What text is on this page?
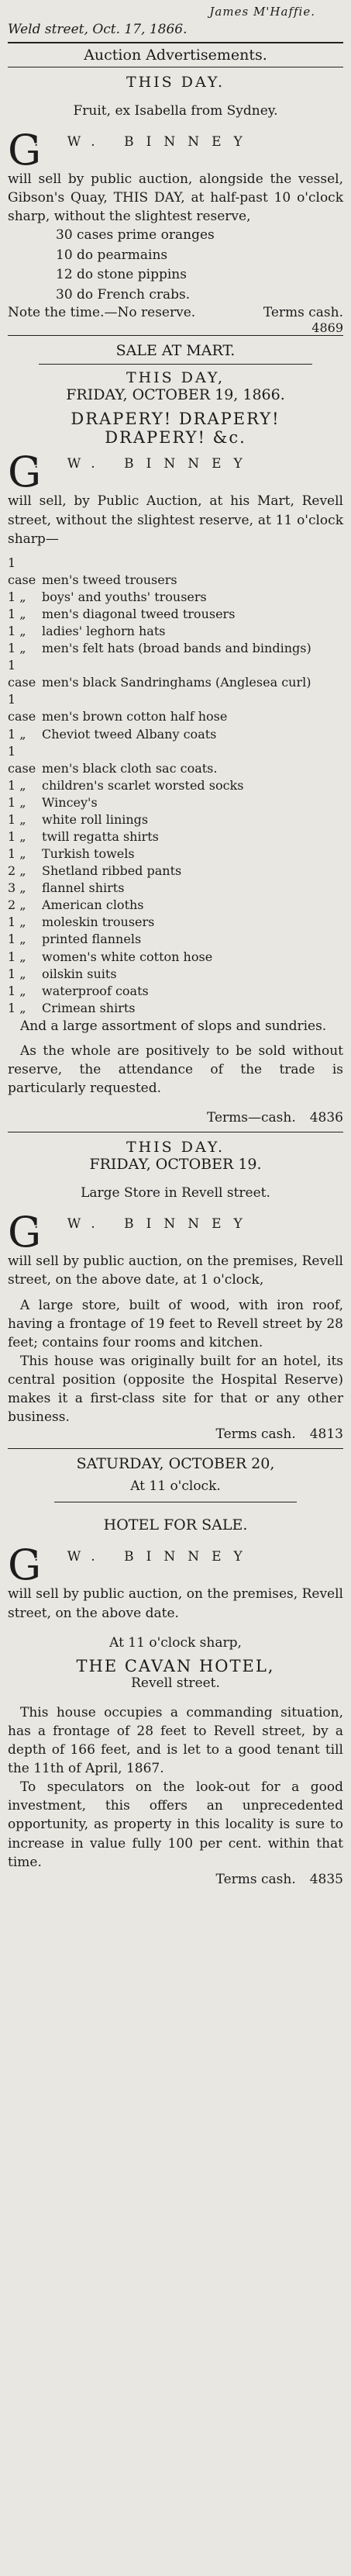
James M'Haffie.
Weld street, Oct. 17, 1866.
Auction Advertisements.
THIS DAY.
Fruit, ex Isabella from Sydney.
G
. W. BINNEY

will sell by public auction, alongside the vessel, Gibson's Quay, THIS DAY, at half-past 10 o'clock sharp, without the slightest reserve,

30 cases prime oranges

10 do pearmains

12 do stone pippins

30 do French crabs.

Note the time.—No reserve.	Terms cash.
4869
SALE AT MART.
THIS DAY,
FRIDAY, OCTOBER 19, 1866.
DRAPERY! DRAPERY!
DRAPERY! &c.
G
. W. BINNEY

will sell, by Public Auction, at his Mart, Revell street, without the slightest reserve, at 11 o'clock sharp—

1 case men's tweed trousers

1 „ boys' and youths' trousers

1 „ men's diagonal tweed trousers

1 „ ladies' leghorn hats

1 „ men's felt hats (broad bands and bindings)

1 case men's black Sandringhams (Anglesea curl)

1 case men's brown cotton half hose

1 „ Cheviot tweed Albany coats

1 case men's black cloth sac coats.

1 „ children's scarlet worsted socks

1 „ Wincey's

1 „ white roll linings

1 „ twill regatta shirts

1 „ Turkish towels

2 „ Shetland ribbed pants

3 „ flannel shirts

2 „ American cloths

1 „ moleskin trousers

1 „ printed flannels

1 „ women's white cotton hose

1 „ oilskin suits

1 „ waterproof coats

1 „ Crimean shirts

And a large assortment of slops and sundries.

As the whole are positively to be sold without reserve, the attendance of the trade is particularly requested.

Terms—cash.	4836
THIS DAY.
FRIDAY, OCTOBER 19.
Large Store in Revell street.
G
. W. BINNEY

will sell by public auction, on the premises, Revell street, on the above date, at 1 o'clock,

A large store, built of wood, with iron roof, having a frontage of 19 feet to Revell street by 28 feet; contains four rooms and kitchen.

This house was originally built for an hotel, its central position (opposite the Hospital Reserve) makes it a first-class site for that or any other business.

Terms cash.	4813
SATURDAY, OCTOBER 20,
At 11 o'clock.
HOTEL FOR SALE.
G
. W. BINNEY

will sell by public auction, on the premises, Revell street, on the above date.

At 11 o'clock sharp,
THE CAVAN HOTEL,
Revell street.

This house occupies a commanding situation, has a frontage of 28 feet to Revell street, by a depth of 166 feet, and is let to a good tenant till the 11th of April, 1867.

To speculators on the look-out for a good investment, this offers an unprecedented opportunity, as property in this locality is sure to increase in value fully 100 per cent. within that time.

Terms cash.	4835
